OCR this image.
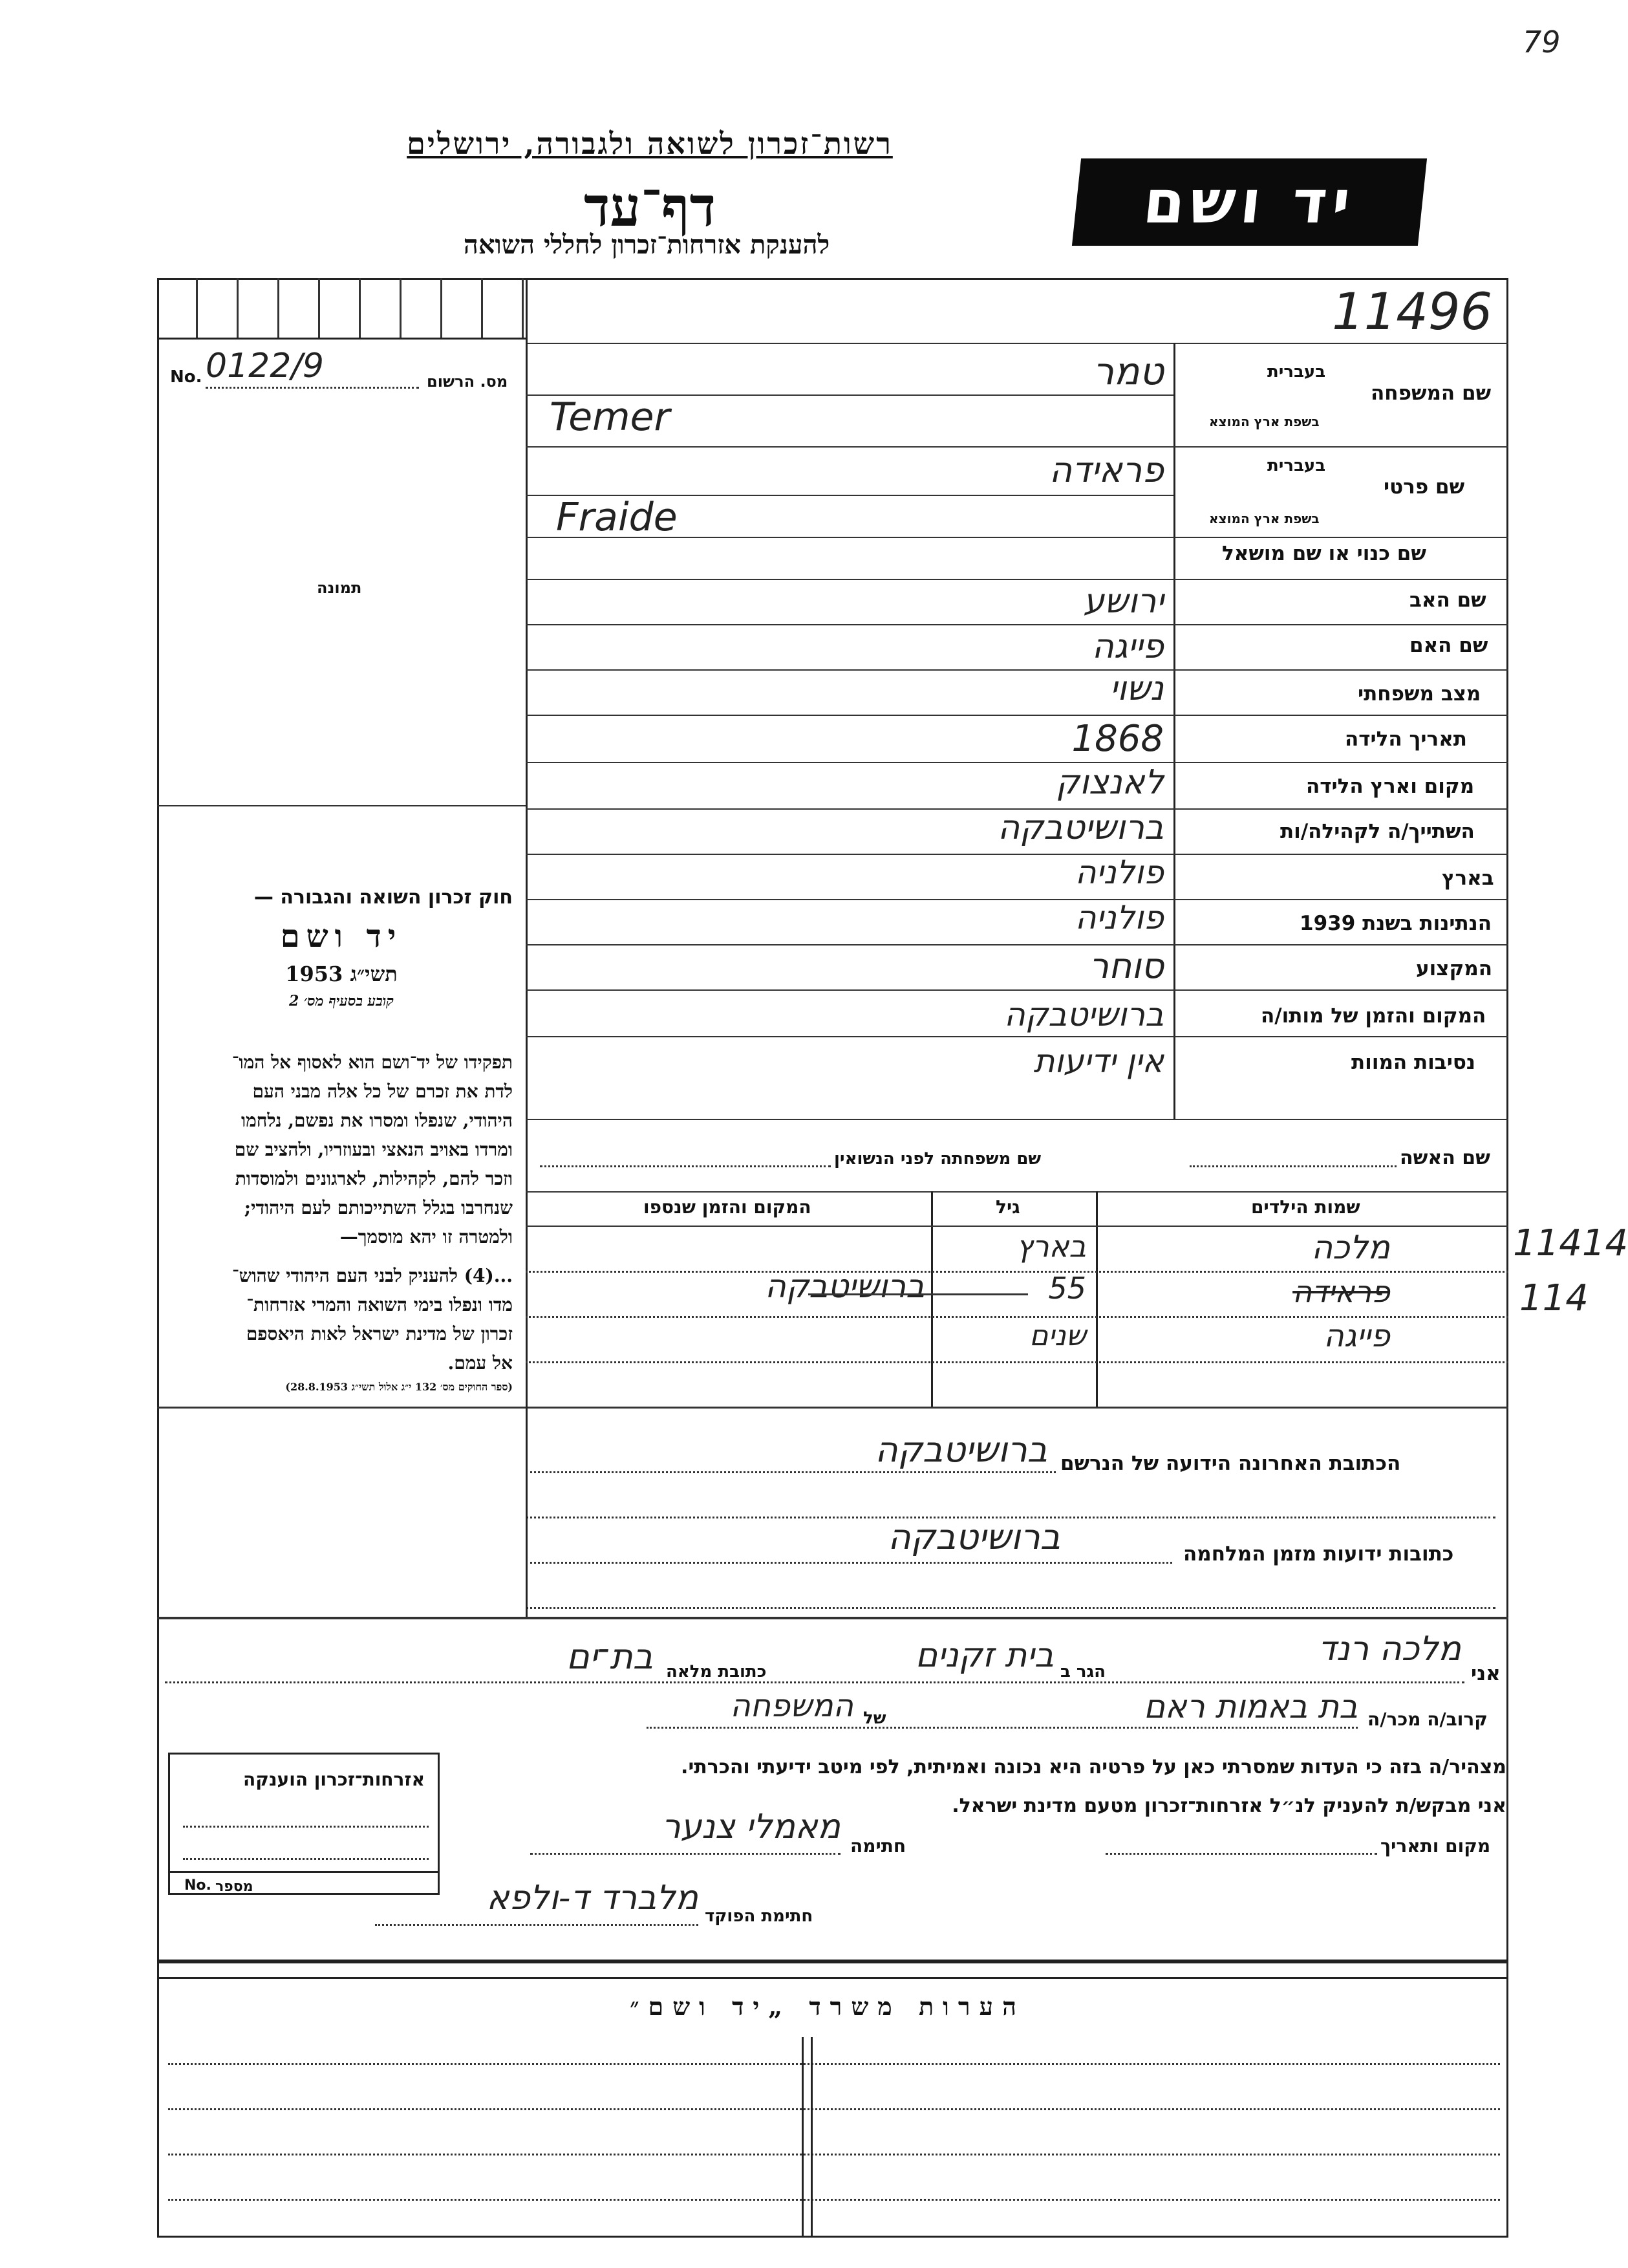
79
רשות־זכרון לשואה ולגבורה, ירושלים
דף־עד
להענקת אזרחות־זכרון לחללי השואה
יד ושם
11496
No. 0122/9	מס. הרשום
תמונה
חוק זכרון השואה והגבורה —
יד ושם
תשי״ג 1953
קובע בסעיף מס׳ 2
תפקידו של יד־ושם הוא לאסוף אל המו־
לדת את זכרם של כל אלה מבני העם
היהודי, שנפלו ומסרו את נפשם, נלחמו
ומרדו באויב הנאצי ובעוזריו, ולהציב שם
וזכר להם, לקהילות, לארגונים ולמוסדות
שנחרבו בגלל השתייכותם לעם היהודי;
ולמטרה זו יהא מוסמך—
...(4) להעניק לבני העם היהודי שהוש־
מדו ונפלו בימי השואה והמרי אזרחות־
זכרון של מדינת ישראל לאות היאספם
אל עמם.
(ספר החוקים מס׳ 132 י״ג אלול תשי״ג 28.8.1953)
שם המשפחה
בעברית
בשפת ארץ המוצא
טמר
Temer
שם פרטי
בעברית
בשפת ארץ המוצא
פראידה
Fraide
שם כנוי או שם מושאל
שם האב
ירושע
שם האם
פייגה
מצב משפחתי
נשוי
תאריך הלידה
1868
מקום וארץ הלידה
לאנצוק
השתייך/ה לקהילה/ות
ברושיטבקה
בארץ
פולניה
הנתינות בשנת 1939
פולניה
המקצוע
סוחר
המקום והזמן של מותו/ה
ברושיטבקה
נסיבות המוות
אין ידיעות
שם האשה
שם משפחתה לפני הנשואין
שמות הילדים
גיל
המקום והזמן שנספו
מלכה
בארץ
פראידה
55
ברושיטבקה
פייגה
שנים
11414
114
הכתובת האחרונה הידועה של הנרשם
ברושיטבקה
כתובות ידועות מזמן המלחמה
ברושיטבקה
אני
מלכה רנד
הגר ב
בית זקנים
כתובת מלאה
בת־ים
קרוב/ה מכר/ה
בת באמות ראם
של
המשפחה
מצהיר/ה בזה כי העדות שמסרתי כאן על פרטיה היא נכונה ואמיתית, לפי מיטב ידיעתי והכרתי.
אני מבקש/ת להעניק לנ״ל אזרחות־זכרון מטעם מדינת ישראל.
מקום ותאריך
חתימה
מאמלי צנער
חתימת הפוקד
מלברד ד-ולפא
אזרחות־זכרון הוענקה
No. מספר
הערות משרד „יד ושם״
